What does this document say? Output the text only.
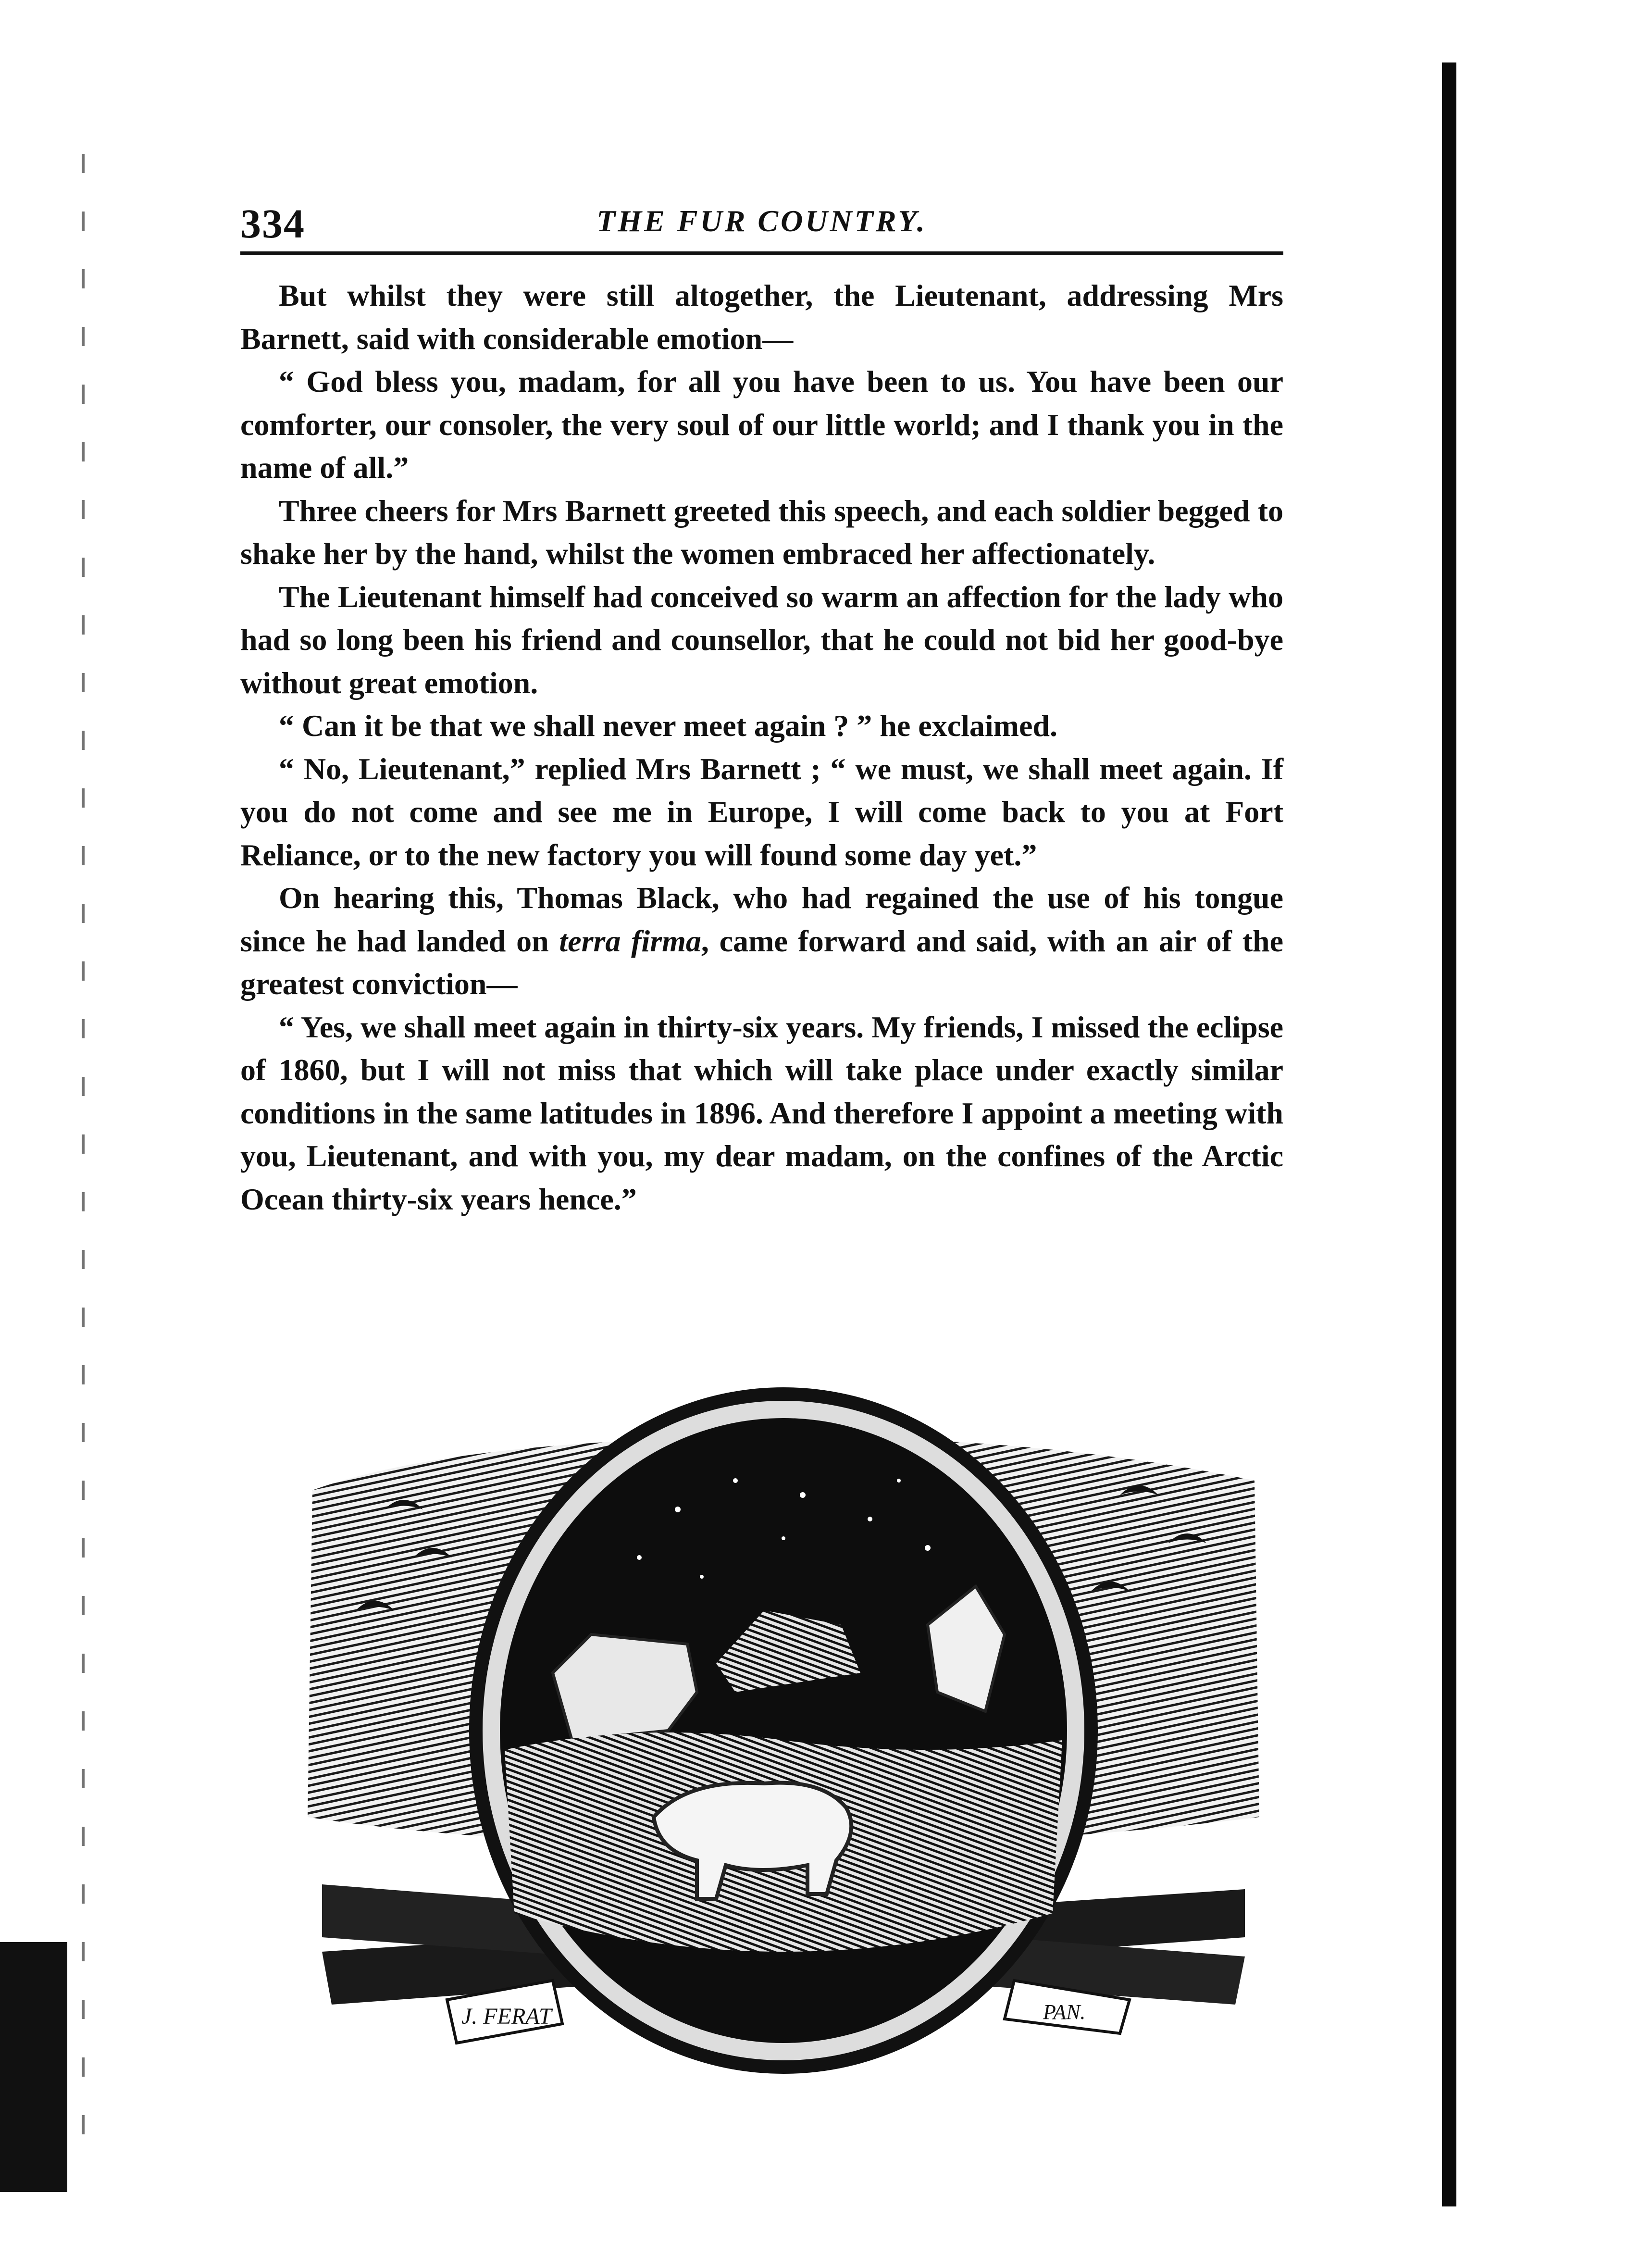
334	THE FUR COUNTRY.

But whilst they were still altogether, the Lieutenant, addressing Mrs Barnett, said with considerable emotion—

“ God bless you, madam, for all you have been to us. You have been our comforter, our consoler, the very soul of our little world; and I thank you in the name of all.”

Three cheers for Mrs Barnett greeted this speech, and each soldier begged to shake her by the hand, whilst the women embraced her affectionately.

The Lieutenant himself had conceived so warm an affection for the lady who had so long been his friend and counsellor, that he could not bid her good-bye without great emotion.

“ Can it be that we shall never meet again ? ” he exclaimed.

“ No, Lieutenant,” replied Mrs Barnett ; “ we must, we shall meet again. If you do not come and see me in Europe, I will come back to you at Fort Reliance, or to the new factory you will found some day yet.”

On hearing this, Thomas Black, who had regained the use of his tongue since he had landed on terra firma, came forward and said, with an air of the greatest conviction—

“ Yes, we shall meet again in thirty-six years. My friends, I missed the eclipse of 1860, but I will not miss that which will take place under exactly similar conditions in the same latitudes in 1896. And therefore I appoint a meeting with you, Lieutenant, and with you, my dear madam, on the confines of the Arctic Ocean thirty-six years hence.”

J. FERAT	PAN.
